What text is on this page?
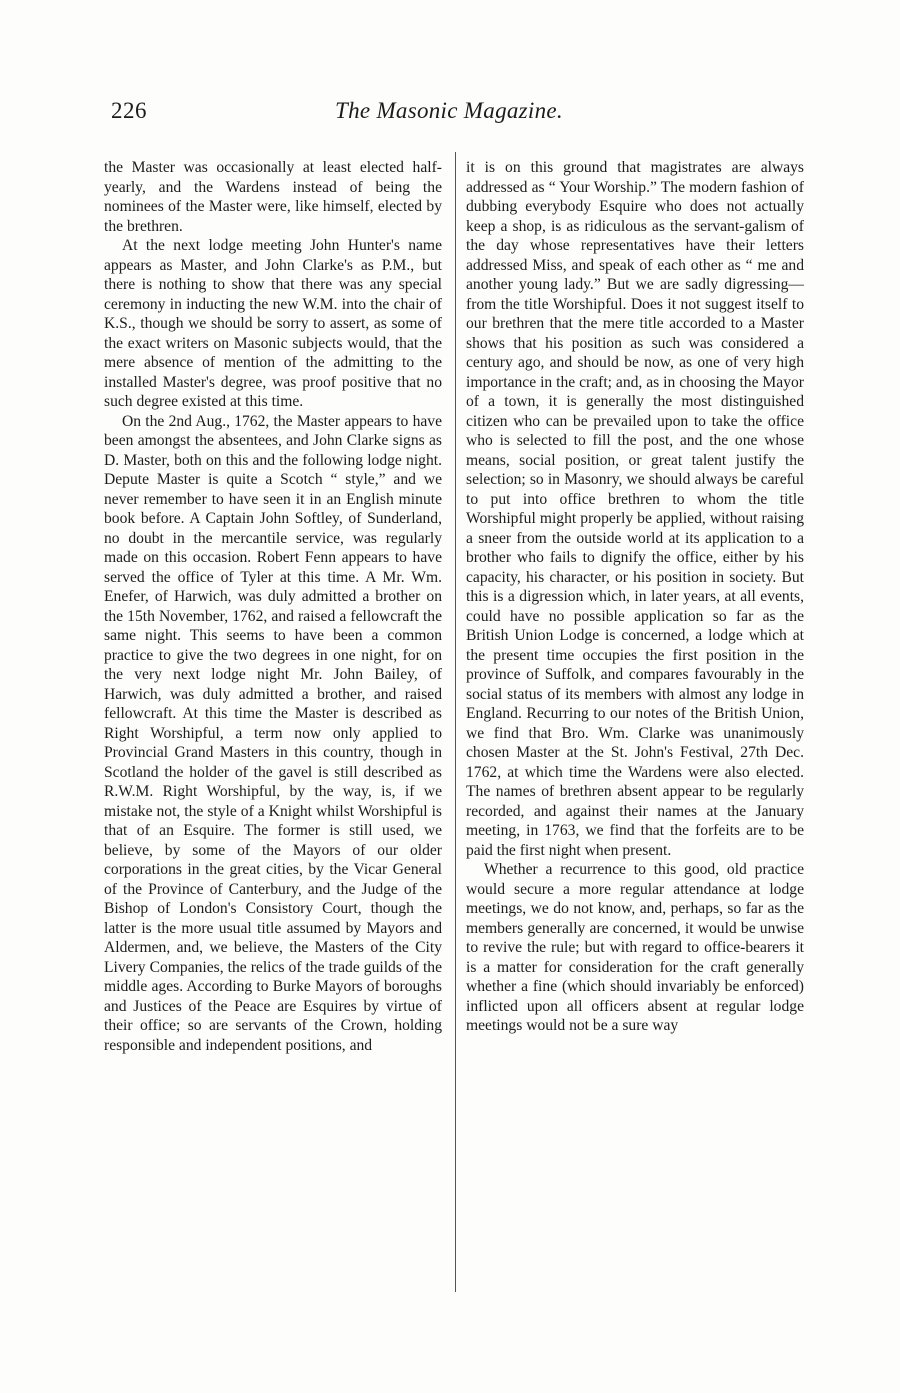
226	The Masonic Magazine.

the Master was occasionally at least elected half-yearly, and the Wardens instead of being the nominees of the Master were, like himself, elected by the brethren.

At the next lodge meeting John Hunter's name appears as Master, and John Clarke's as P.M., but there is nothing to show that there was any special ceremony in inducting the new W.M. into the chair of K.S., though we should be sorry to assert, as some of the exact writers on Masonic subjects would, that the mere absence of mention of the admitting to the installed Master's degree, was proof positive that no such degree existed at this time.

On the 2nd Aug., 1762, the Master appears to have been amongst the absentees, and John Clarke signs as D. Master, both on this and the following lodge night. Depute Master is quite a Scotch “ style,” and we never remember to have seen it in an English minute book before. A Captain John Softley, of Sunderland, no doubt in the mercantile service, was regularly made on this occasion. Robert Fenn appears to have served the office of Tyler at this time. A Mr. Wm. Enefer, of Harwich, was duly admitted a brother on the 15th November, 1762, and raised a fellowcraft the same night. This seems to have been a common practice to give the two degrees in one night, for on the very next lodge night Mr. John Bailey, of Harwich, was duly admitted a brother, and raised fellowcraft. At this time the Master is described as Right Worshipful, a term now only applied to Provincial Grand Masters in this country, though in Scotland the holder of the gavel is still described as R.W.M. Right Worshipful, by the way, is, if we mistake not, the style of a Knight whilst Worshipful is that of an Esquire. The former is still used, we believe, by some of the Mayors of our older corporations in the great cities, by the Vicar General of the Province of Canterbury, and the Judge of the Bishop of London's Consistory Court, though the latter is the more usual title assumed by Mayors and Aldermen, and, we believe, the Masters of the City Livery Companies, the relics of the trade guilds of the middle ages. According to Burke Mayors of boroughs and Justices of the Peace are Esquires by virtue of their office; so are servants of the Crown, holding responsible and independent positions, and

it is on this ground that magistrates are always addressed as “ Your Worship.” The modern fashion of dubbing everybody Esquire who does not actually keep a shop, is as ridiculous as the servant-galism of the day whose representatives have their letters addressed Miss, and speak of each other as “ me and another young lady.” But we are sadly digressing—from the title Worshipful. Does it not suggest itself to our brethren that the mere title accorded to a Master shows that his position as such was considered a century ago, and should be now, as one of very high importance in the craft; and, as in choosing the Mayor of a town, it is generally the most distinguished citizen who can be prevailed upon to take the office who is selected to fill the post, and the one whose means, social position, or great talent justify the selection; so in Masonry, we should always be careful to put into office brethren to whom the title Worshipful might properly be applied, without raising a sneer from the outside world at its application to a brother who fails to dignify the office, either by his capacity, his character, or his position in society. But this is a digression which, in later years, at all events, could have no possible application so far as the British Union Lodge is concerned, a lodge which at the present time occupies the first position in the province of Suffolk, and compares favourably in the social status of its members with almost any lodge in England. Recurring to our notes of the British Union, we find that Bro. Wm. Clarke was unanimously chosen Master at the St. John's Festival, 27th Dec. 1762, at which time the Wardens were also elected. The names of brethren absent appear to be regularly recorded, and against their names at the January meeting, in 1763, we find that the forfeits are to be paid the first night when present.

Whether a recurrence to this good, old practice would secure a more regular attendance at lodge meetings, we do not know, and, perhaps, so far as the members generally are concerned, it would be unwise to revive the rule; but with regard to office-bearers it is a matter for consideration for the craft generally whether a fine (which should invariably be enforced) inflicted upon all officers absent at regular lodge meetings would not be a sure way
